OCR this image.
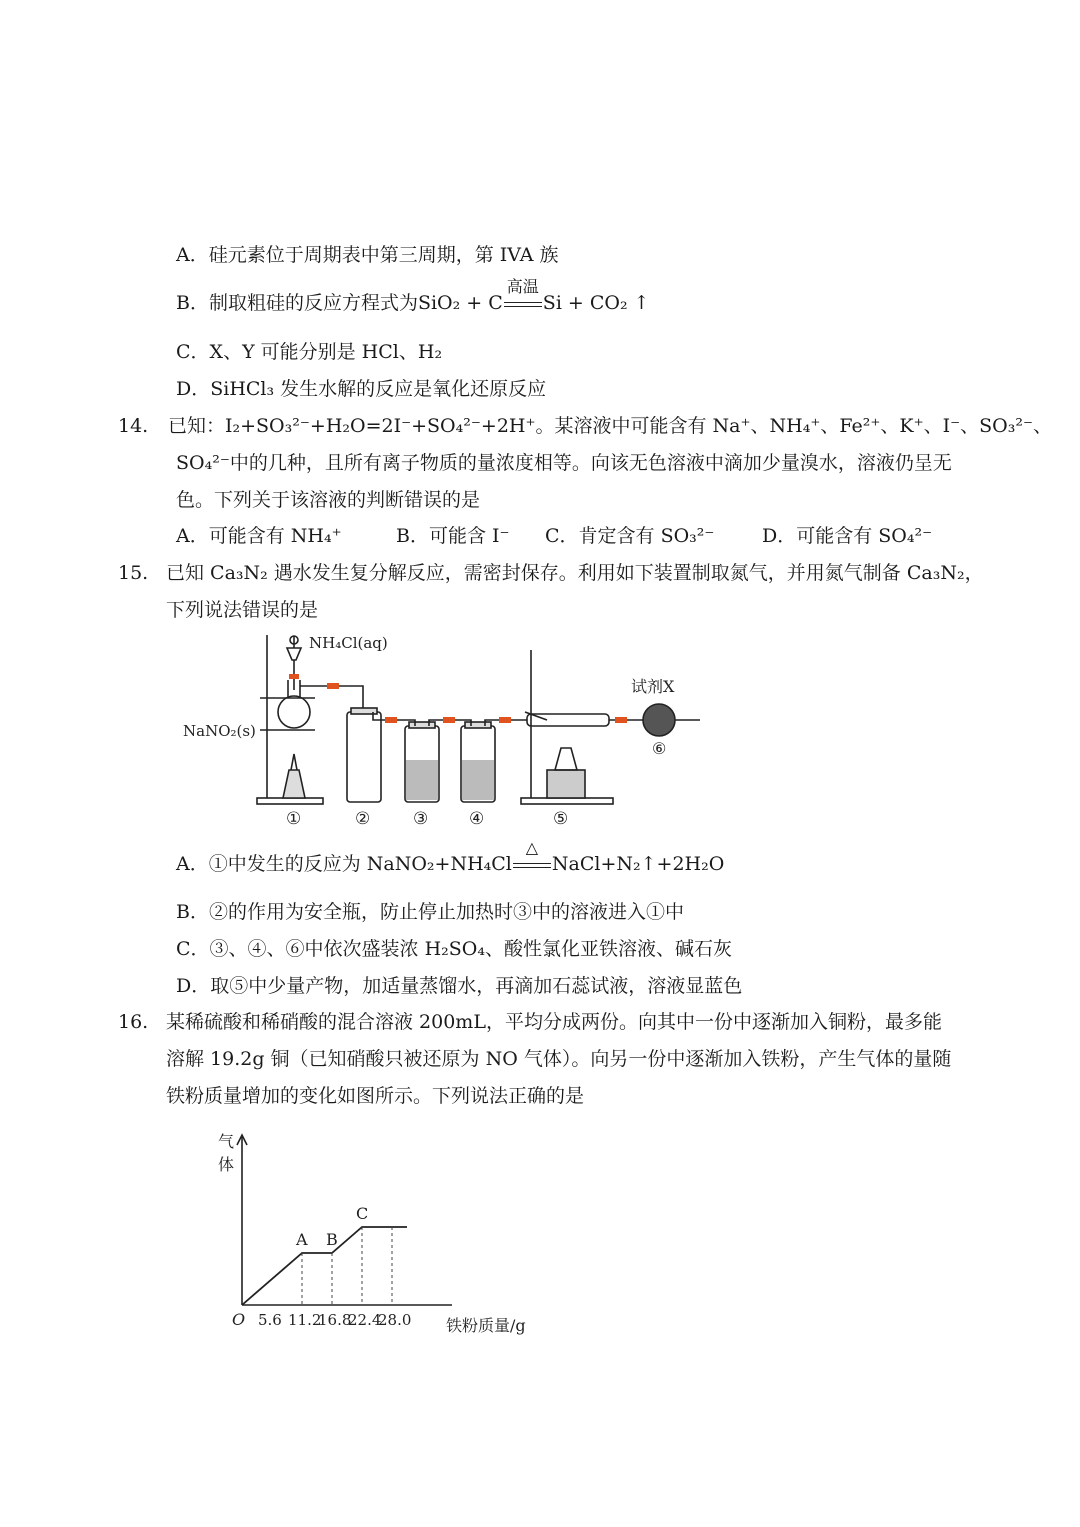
A．硅元素位于周期表中第三周期，第 IVA 族
B．制取粗硅的反应方程式为SiO₂ + C
高温
Si + CO₂ ↑
C．X、Y 可能分别是 HCl、H₂
D．SiHCl₃ 发生水解的反应是氧化还原反应
14. 已知：I₂+SO₃²⁻+H₂O=2I⁻+SO₄²⁻+2H⁺。某溶液中可能含有 Na⁺、NH₄⁺、Fe²⁺、K⁺、I⁻、SO₃²⁻、
SO₄²⁻中的几种，且所有离子物质的量浓度相等。向该无色溶液中滴加少量溴水，溶液仍呈无
色。下列关于该溶液的判断错误的是
A．可能含有 NH₄⁺	B．可能含 I⁻ C．肯定含有 SO₃²⁻	D．可能含有 SO₄²⁻
15. 已知 Ca₃N₂ 遇水发生复分解反应，需密封保存。利用如下装置制取氮气，并用氮气制备 Ca₃N₂，
下列说法错误的是
NH₄Cl(aq)
NaNO₂(s)
试剂X
⑥
①	②	③ ④	⑤
A．①中发生的反应为 NaNO₂+NH₄Cl
△
NaCl+N₂↑+2H₂O
B．②的作用为安全瓶，防止停止加热时③中的溶液进入①中
C．③、④、⑥中依次盛装浓 H₂SO₄、酸性氯化亚铁溶液、碱石灰
D．取⑤中少量产物，加适量蒸馏水，再滴加石蕊试液，溶液显蓝色
16. 某稀硫酸和稀硝酸的混合溶液 200mL，平均分成两份。向其中一份中逐渐加入铜粉，最多能
溶解 19.2g 铜（已知硝酸只被还原为 NO 气体）。向另一份中逐渐加入铁粉，产生气体的量随
铁粉质量增加的变化如图所示。下列说法正确的是
5.6 11.2
16.8
22.4
28.0
A B
C
气
体
O	铁粉质量/g
